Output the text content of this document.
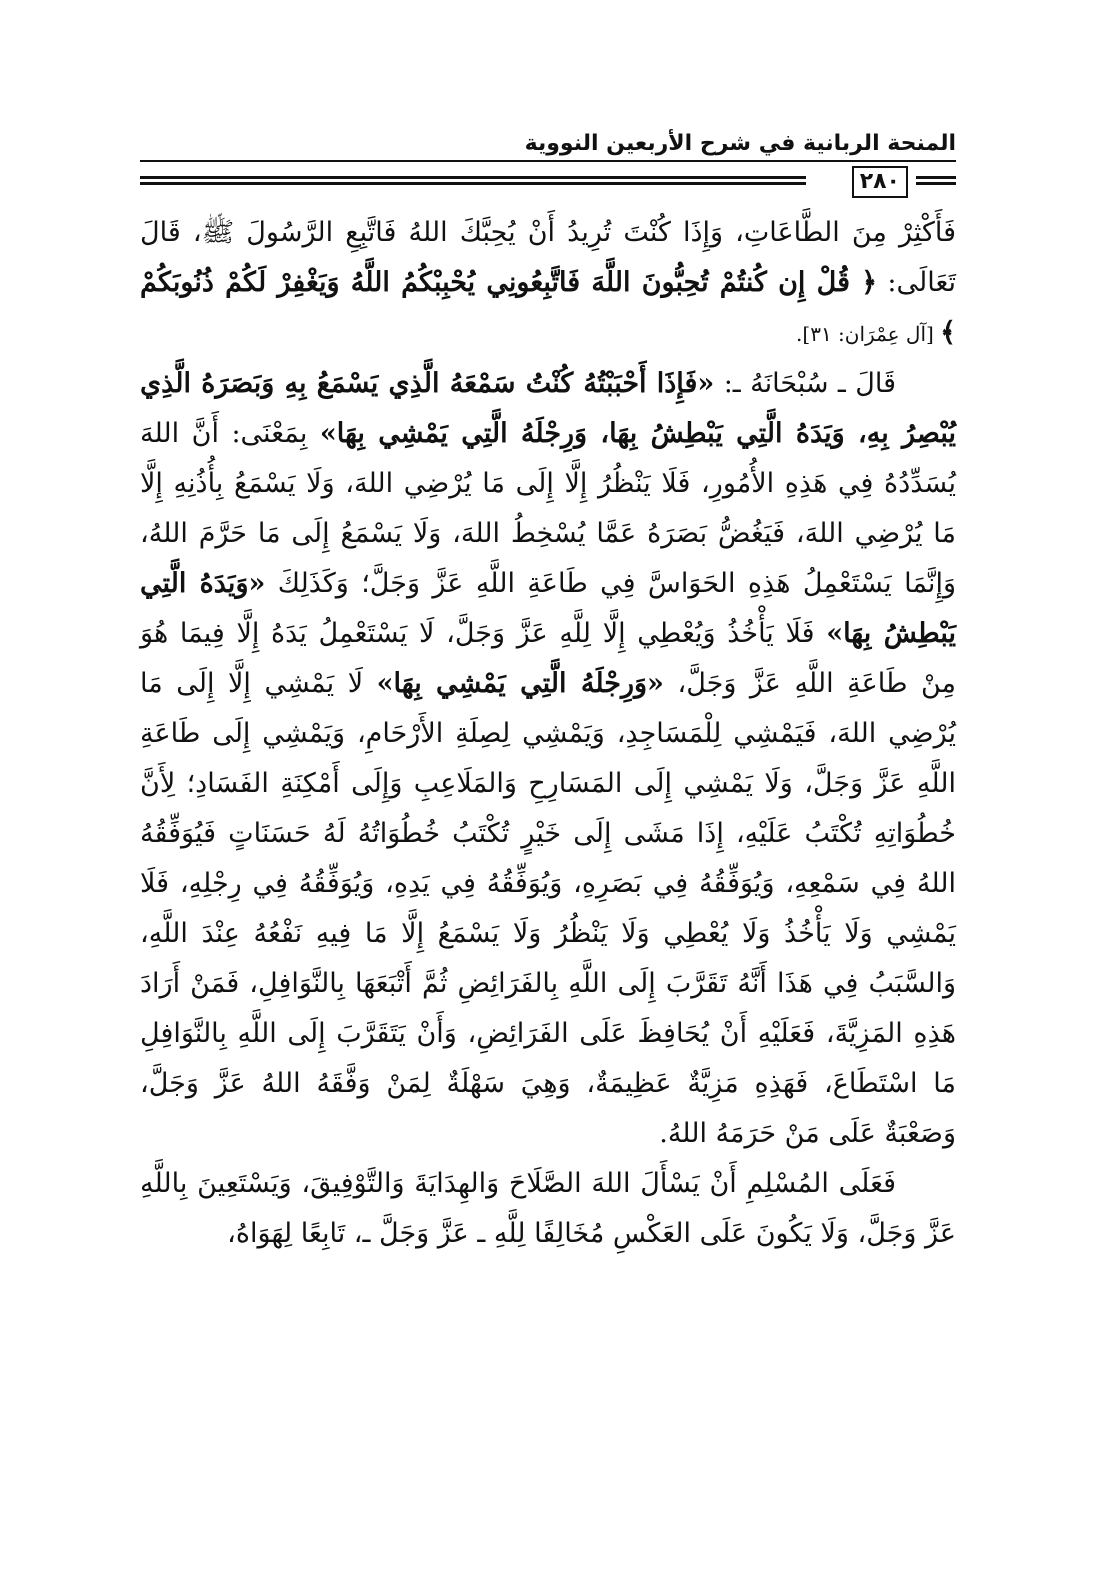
المنحة الربانية في شرح الأربعين النووية
٢٨٠

فَأَكْثِرْ مِنَ الطَّاعَاتِ، وَإِذَا كُنْتَ تُرِيدُ أَنْ يُحِبَّكَ اللهُ فَاتَّبِعِ الرَّسُولَ ﷺ، قَالَ تَعَالَى: ﴿ قُلْ إِن كُنتُمْ تُحِبُّونَ اللَّهَ فَاتَّبِعُونِي يُحْبِبْكُمُ اللَّهُ وَيَغْفِرْ لَكُمْ ذُنُوبَكُمْ ﴾ [آل عِمْرَان: ٣١].

قَالَ ـ سُبْحَانَهُ ـ: «فَإِذَا أَحْبَبْتُهُ كُنْتُ سَمْعَهُ الَّذِي يَسْمَعُ بِهِ وَبَصَرَهُ الَّذِي يُبْصِرُ بِهِ، وَيَدَهُ الَّتِي يَبْطِشُ بِهَا، وَرِجْلَهُ الَّتِي يَمْشِي بِهَا» بِمَعْنَى: أَنَّ اللهَ يُسَدِّدُهُ فِي هَذِهِ الأُمُورِ، فَلَا يَنْظُرُ إِلَّا إِلَى مَا يُرْضِي اللهَ، وَلَا يَسْمَعُ بِأُذُنِهِ إِلَّا مَا يُرْضِي اللهَ، فَيَغُضُّ بَصَرَهُ عَمَّا يُسْخِطُ اللهَ، وَلَا يَسْمَعُ إِلَى مَا حَرَّمَ اللهُ، وَإِنَّمَا يَسْتَعْمِلُ هَذِهِ الحَوَاسَّ فِي طَاعَةِ اللَّهِ عَزَّ وَجَلَّ؛ وَكَذَلِكَ «وَيَدَهُ الَّتِي يَبْطِشُ بِهَا» فَلَا يَأْخُذُ وَيُعْطِي إِلَّا لِلَّهِ عَزَّ وَجَلَّ، لَا يَسْتَعْمِلُ يَدَهُ إِلَّا فِيمَا هُوَ مِنْ طَاعَةِ اللَّهِ عَزَّ وَجَلَّ، «وَرِجْلَهُ الَّتِي يَمْشِي بِهَا» لَا يَمْشِي إِلَّا إِلَى مَا يُرْضِي اللهَ، فَيَمْشِي لِلْمَسَاجِدِ، وَيَمْشِي لِصِلَةِ الأَرْحَامِ، وَيَمْشِي إِلَى طَاعَةِ اللَّهِ عَزَّ وَجَلَّ، وَلَا يَمْشِي إِلَى المَسَارِحِ وَالمَلَاعِبِ وَإِلَى أَمْكِنَةِ الفَسَادِ؛ لِأَنَّ خُطُوَاتِهِ تُكْتَبُ عَلَيْهِ، إِذَا مَشَى إِلَى خَيْرٍ تُكْتَبُ خُطُوَاتُهُ لَهُ حَسَنَاتٍ فَيُوَفِّقُهُ اللهُ فِي سَمْعِهِ، وَيُوَفِّقُهُ فِي بَصَرِهِ، وَيُوَفِّقُهُ فِي يَدِهِ، وَيُوَفِّقُهُ فِي رِجْلِهِ، فَلَا يَمْشِي وَلَا يَأْخُذُ وَلَا يُعْطِي وَلَا يَنْظُرُ وَلَا يَسْمَعُ إِلَّا مَا فِيهِ نَفْعُهُ عِنْدَ اللَّهِ، وَالسَّبَبُ فِي هَذَا أَنَّهُ تَقَرَّبَ إِلَى اللَّهِ بِالفَرَائِضِ ثُمَّ أَتْبَعَهَا بِالنَّوَافِلِ، فَمَنْ أَرَادَ هَذِهِ المَزِيَّةَ، فَعَلَيْهِ أَنْ يُحَافِظَ عَلَى الفَرَائِضِ، وَأَنْ يَتَقَرَّبَ إِلَى اللَّهِ بِالنَّوَافِلِ مَا اسْتَطَاعَ، فَهَذِهِ مَزِيَّةٌ عَظِيمَةٌ، وَهِيَ سَهْلَةٌ لِمَنْ وَفَّقَهُ اللهُ عَزَّ وَجَلَّ، وَصَعْبَةٌ عَلَى مَنْ حَرَمَهُ اللهُ.

فَعَلَى المُسْلِمِ أَنْ يَسْأَلَ اللهَ الصَّلَاحَ وَالهِدَايَةَ وَالتَّوْفِيقَ، وَيَسْتَعِينَ بِاللَّهِ عَزَّ وَجَلَّ، وَلَا يَكُونَ عَلَى العَكْسِ مُخَالِفًا لِلَّهِ ـ عَزَّ وَجَلَّ ـ، تَابِعًا لِهَوَاهُ،
